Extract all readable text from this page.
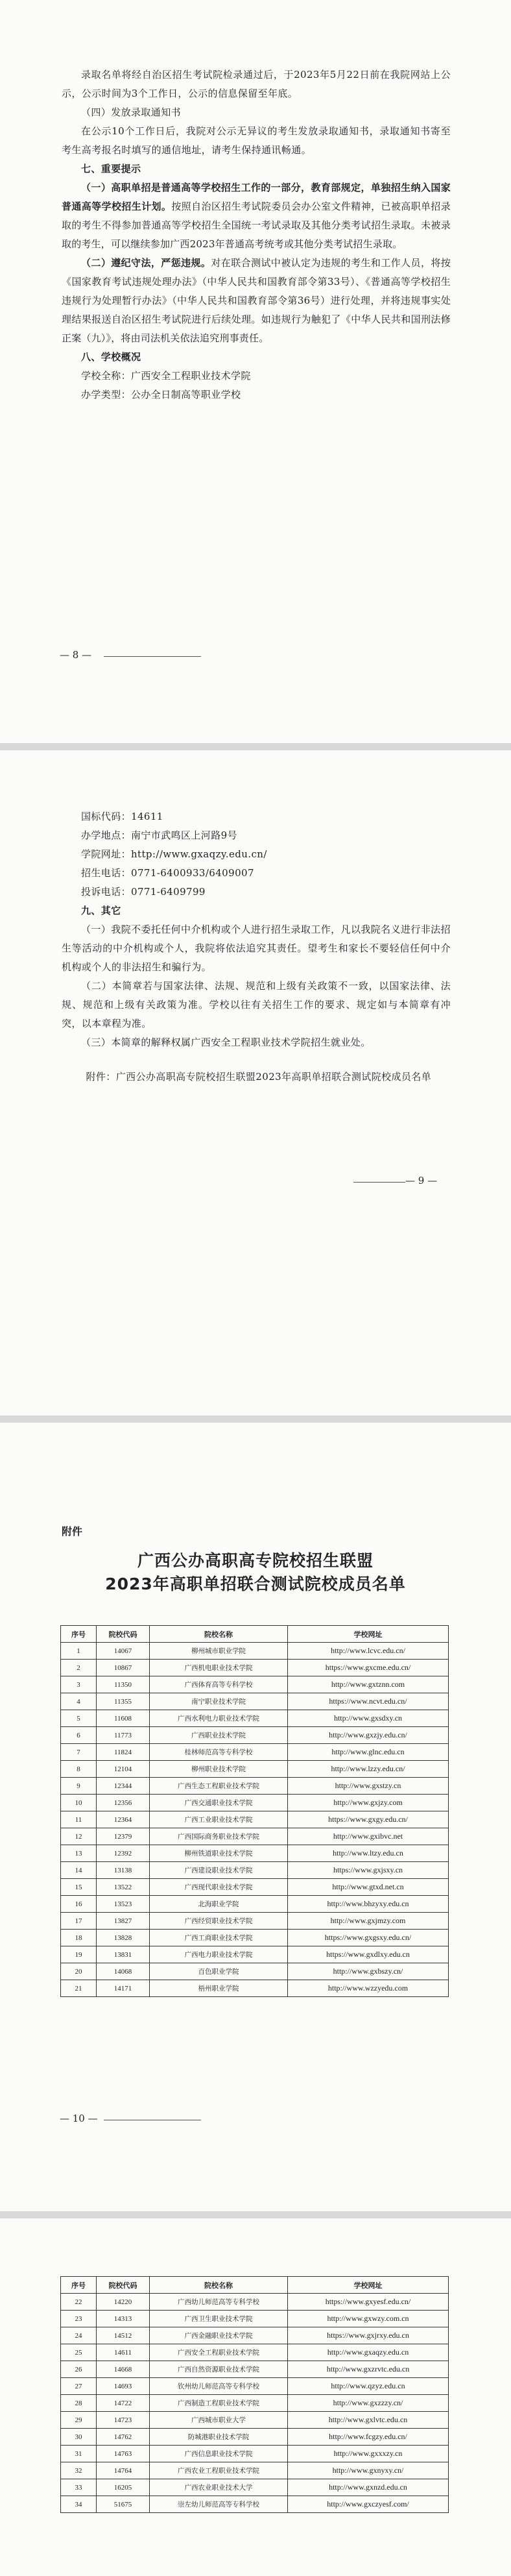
录取名单将经自治区招生考试院检录通过后，于2023年5月22日前在我院网站上公示，公示时间为3个工作日，公示的信息保留至年底。

（四）发放录取通知书

在公示10个工作日后，我院对公示无异议的考生发放录取通知书，录取通知书寄至考生高考报名时填写的通信地址，请考生保持通讯畅通。

七、重要提示

（一）高职单招是普通高等学校招生工作的一部分，教育部规定，单独招生纳入国家普通高等学校招生计划。按照自治区招生考试院委员会办公室文件精神，已被高职单招录取的考生不得参加普通高等学校招生全国统一考试录取及其他分类考试招生录取。未被录取的考生，可以继续参加广西2023年普通高考统考或其他分类考试招生录取。

（二）遵纪守法，严惩违规。对在联合测试中被认定为违规的考生和工作人员，将按《国家教育考试违规处理办法》（中华人民共和国教育部令第33号）、《普通高等学校招生违规行为处理暂行办法》（中华人民共和国教育部令第36号）进行处理，并将违规事实处理结果报送自治区招生考试院进行后续处理。如违规行为触犯了《中华人民共和国刑法修正案（九）》，将由司法机关依法追究刑事责任。

八、学校概况

学校全称：广西安全工程职业技术学院

办学类型：公办全日制高等职业学校

— 8 —

国标代码：14611

办学地点：南宁市武鸣区上河路9号

学院网址：http://www.gxaqzy.edu.cn/

招生电话：0771-6400933/6409007

投诉电话：0771-6409799

九、其它

（一）我院不委托任何中介机构或个人进行招生录取工作，凡以我院名义进行非法招生等活动的中介机构或个人，我院将依法追究其责任。望考生和家长不要轻信任何中介机构或个人的非法招生和骗行为。

（二）本简章若与国家法律、法规、规范和上级有关政策不一致，以国家法律、法规、规范和上级有关政策为准。学校以往有关招生工作的要求、规定如与本简章有冲突，以本章程为准。

（三）本简章的解释权属广西安全工程职业技术学院招生就业处。

附件：广西公办高职高专院校招生联盟2023年高职单招联合测试院校成员名单

— 9 —
附件
广西公办高职高专院校招生联盟
2023年高职单招联合测试院校成员名单
序号	院校代码	院校名称	学校网址
1	14067	柳州城市职业学院	http://www.lcvc.edu.cn/
2	10867	广西机电职业技术学院	https://www.gxcme.edu.cn/
3	11350	广西体育高等专科学校	http://www.gxtznn.com
4	11355	南宁职业技术学院	https://www.ncvt.edu.cn/
5	11608	广西水利电力职业技术学院	http://www.gxsdxy.cn
6	11773	广西职业技术学院	http://www.gxzjy.edu.cn/
7	11824	桂林师范高等专科学校	http://www.glnc.edu.cn
8	12104	柳州职业技术学院	http://www.lzzy.edu.cn/
9	12344	广西生态工程职业技术学院	http://www.gxstzy.cn
10	12356	广西交通职业技术学院	http://www.gxjzy.com
11	12364	广西工业职业技术学院	https://www.gxgy.edu.cn/
12	12379	广西国际商务职业技术学院	http://www.gxibvc.net
13	12392	柳州铁道职业技术学院	http://www.ltzy.edu.cn
14	13138	广西建设职业技术学院	https://www.gxjsxy.cn
15	13522	广西现代职业技术学院	http://www.gtxd.net.cn
16	13523	北海职业学院	http://www.bhzyxy.edu.cn
17	13827	广西经贸职业技术学院	http://www.gxjmzy.com
18	13828	广西工商职业技术学院	https://www.gxgsxy.edu.cn/
19	13831	广西电力职业技术学院	https://www.gxdlxy.edu.cn
20	14068	百色职业学院	http://www.gxbszy.cn/
21	14171	梧州职业学院	http://www.wzzyedu.com
— 10 —
序号	院校代码	院校名称	学校网址
22	14220	广西幼儿师范高等专科学校	https://www.gxyesf.edu.cn/
23	14313	广西卫生职业技术学院	http://www.gxwzy.com.cn
24	14512	广西金融职业技术学院	https://www.gxjrxy.edu.cn
25	14611	广西安全工程职业技术学院	http://www.gxaqzy.edu.cn
26	14668	广西自然资源职业技术学院	http://www.gxzrvtc.edu.cn
27	14693	钦州幼儿师范高等专科学校	http://www.qzyz.edu.cn
28	14722	广西制造工程职业技术学院	http://www.gxzzzy.cn/
29	14723	广西城市职业大学	http://www.gxlvtc.edu.cn
30	14762	防城港职业技术学院	http://www.fcgzy.edu.cn/
31	14763	广西信息职业技术学院	http://www.gxxxzy.cn
32	14764	广西农业工程职业技术学院	http://www.gxnyxy.cn/
33	16205	广西农业职业技术大学	http://www.gxnzd.edu.cn
34	51675	崇左幼儿师范高等专科学校	http://www.gxczyesf.com/
